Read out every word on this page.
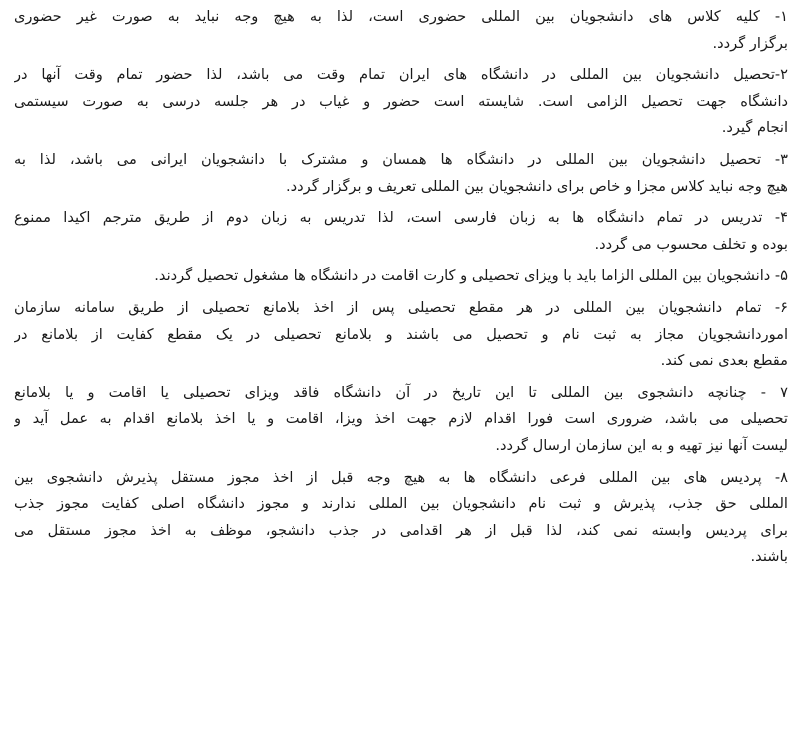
۱- کلیه کلاس های دانشجویان بین المللی حضوری است، لذا به هیچ وجه نباید به صورت غیر حضوری
برگزار گردد.
۲-تحصیل دانشجویان بین المللی در دانشگاه های ایران تمام وقت می باشد، لذا حضور تمام وقت آنها در
دانشگاه جهت تحصیل الزامی است. شایسته است حضور و غیاب در هر جلسه درسی به صورت سیستمی
انجام گیرد.
۳- تحصیل دانشجویان بین المللی در دانشگاه ها همسان و مشترک با دانشجویان ایرانی می باشد، لذا به
هیچ وجه نباید کلاس مجزا و خاص برای دانشجویان بین المللی تعریف و برگزار گردد.
۴- تدریس در تمام دانشگاه ها به زبان فارسی است، لذا تدریس به زبان دوم از طریق مترجم اکیدا ممنوع
بوده و تخلف محسوب می گردد.
۵- دانشجویان بین المللی الزاما باید با ویزای تحصیلی و کارت اقامت در دانشگاه ها مشغول تحصیل گردند.
۶- تمام دانشجویان بین المللی در هر مقطع تحصیلی پس از اخذ بلامانع تحصیلی از طریق سامانه سازمان
اموردانشجویان مجاز به ثبت نام و تحصیل می باشند و بلامانع تحصیلی در یک مقطع کفایت از بلامانع در
مقطع بعدی نمی کند.
۷ - چنانچه دانشجوی بین المللی تا این تاریخ در آن دانشگاه فاقد ویزای تحصیلی یا اقامت و یا بلامانع
تحصیلی می باشد، ضروری است فورا اقدام لازم جهت اخذ ویزا، اقامت و یا اخذ بلامانع اقدام به عمل آید و
لیست آنها نیز تهیه و به این سازمان ارسال گردد.
۸- پردیس های بین المللی فرعی دانشگاه ها به هیچ وجه قبل از اخذ مجوز مستقل پذیرش دانشجوی بین
المللی حق جذب، پذیرش و ثبت نام دانشجویان بین المللی ندارند و مجوز دانشگاه اصلی کفایت مجوز جذب
برای پردیس وابسته نمی کند، لذا قبل از هر اقدامی در جذب دانشجو، موظف به اخذ مجوز مستقل می
باشند.
